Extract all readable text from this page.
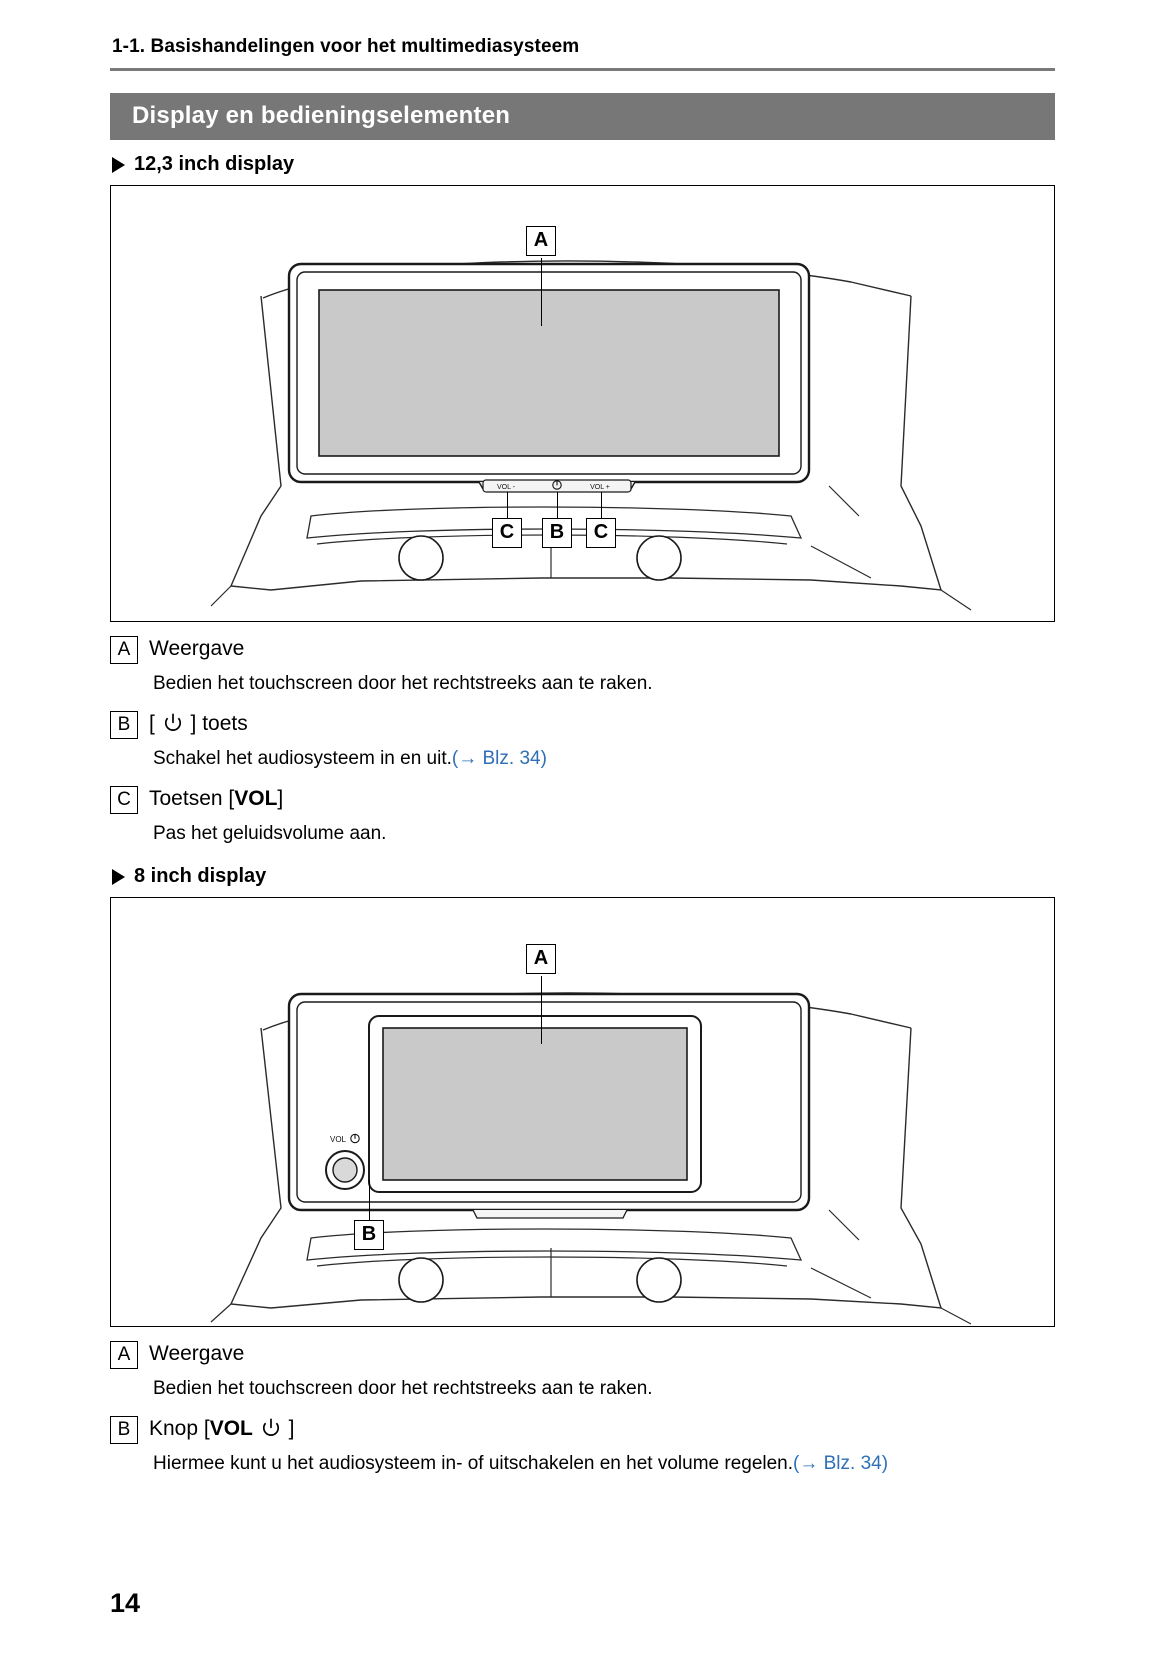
1-1. Basishandelingen voor het multimediasysteem
Display en bedieningselementen
12,3 inch display
VOL -	VOL +
A
C	B	C
A Weergave
Bedien het touchscreen door het rechtstreeks aan te raken.
B [ ] toets
Schakel het audiosysteem in en uit.(→ Blz. 34)
C Toetsen [VOL]
Pas het geluidsvolume aan.
8 inch display
VOL
A
B
A Weergave
Bedien het touchscreen door het rechtstreeks aan te raken.
B Knop [VOL ]
Hiermee kunt u het audiosysteem in- of uitschakelen en het volume regelen.(→ Blz. 34)
14
